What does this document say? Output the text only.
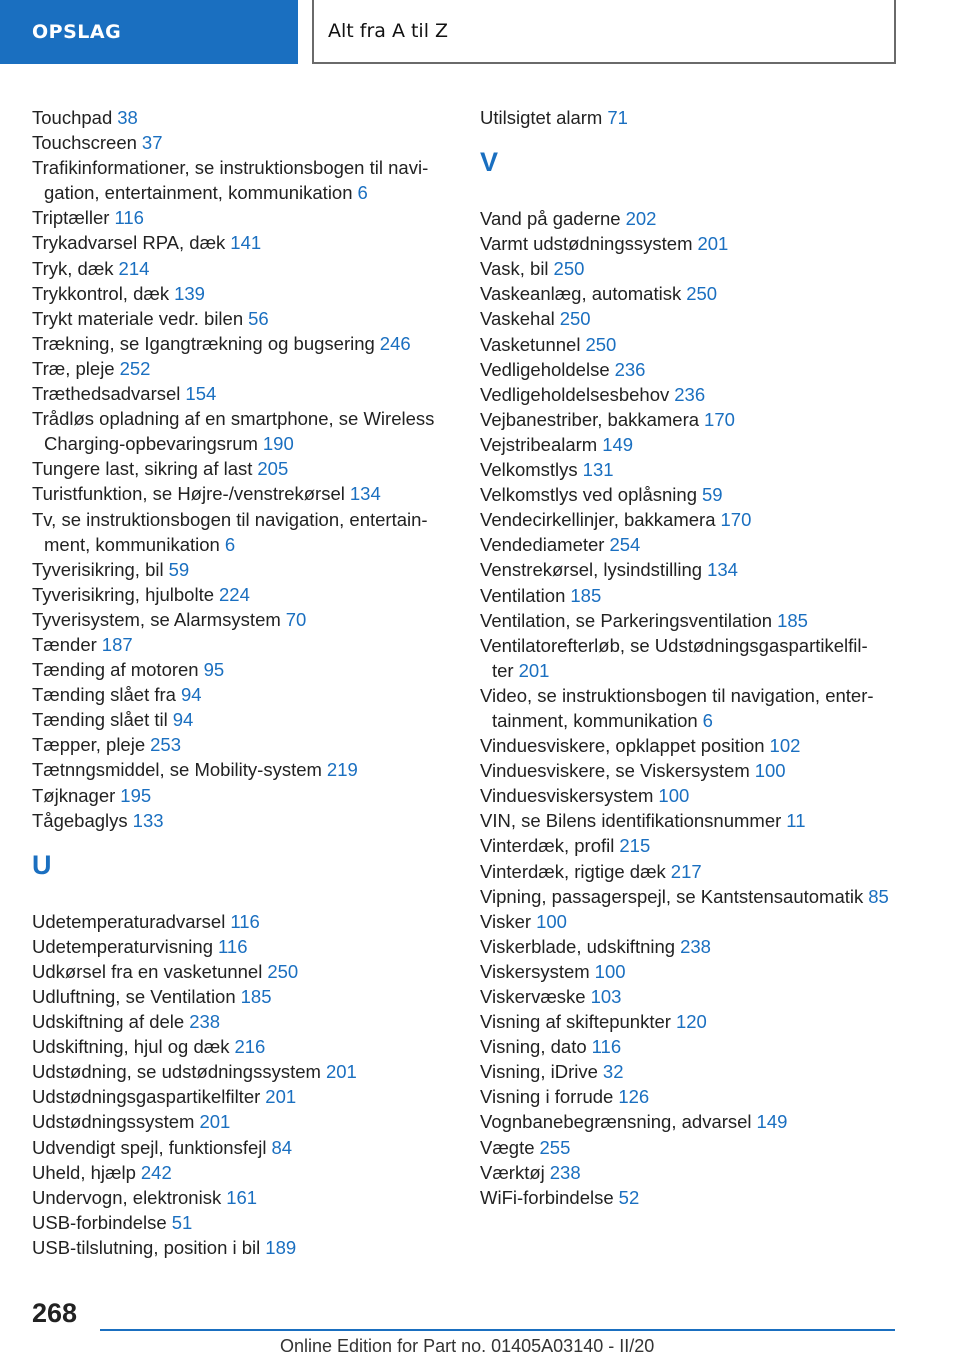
OPSLAG	Alt fra A til Z
Touchpad 38
Touchscreen 37
Trafikinformationer, se instruktionsbogen til navigation, entertainment, kommunikation 6
Triptæller 116
Trykadvarsel RPA, dæk 141
Tryk, dæk 214
Trykkontrol, dæk 139
Trykt materiale vedr. bilen 56
Trækning, se Igangtrækning og bugsering 246
Træ, pleje 252
Træthedsadvarsel 154
Trådløs opladning af en smartphone, se Wireless Charging-opbevaringsrum 190
Tungere last, sikring af last 205
Turistfunktion, se Højre-/venstrekørsel 134
Tv, se instruktionsbogen til navigation, entertainment, kommunikation 6
Tyverisikring, bil 59
Tyverisikring, hjulbolte 224
Tyverisystem, se Alarmsystem 70
Tænder 187
Tænding af motoren 95
Tænding slået fra 94
Tænding slået til 94
Tæpper, pleje 253
Tætnngsmiddel, se Mobility-system 219
Tøjknager 195
Tågebaglys 133
U
Udetemperaturadvarsel 116
Udetemperaturvisning 116
Udkørsel fra en vasketunnel 250
Udluftning, se Ventilation 185
Udskiftning af dele 238
Udskiftning, hjul og dæk 216
Udstødning, se udstødningssystem 201
Udstødningsgaspartikelfilter 201
Udstødningssystem 201
Udvendigt spejl, funktionsfejl 84
Uheld, hjælp 242
Undervogn, elektronisk 161
USB-forbindelse 51
USB-tilslutning, position i bil 189
Utilsigtet alarm 71
V
Vand på gaderne 202
Varmt udstødningssystem 201
Vask, bil 250
Vaskeanlæg, automatisk 250
Vaskehal 250
Vasketunnel 250
Vedligeholdelse 236
Vedligeholdelsesbehov 236
Vejbanestriber, bakkamera 170
Vejstribealarm 149
Velkomstlys 131
Velkomstlys ved oplåsning 59
Vendecirkellinjer, bakkamera 170
Vendediameter 254
Venstrekørsel, lysindstilling 134
Ventilation 185
Ventilation, se Parkeringsventilation 185
Ventilatorefterløb, se Udstødningsgaspartikelfilter 201
Video, se instruktionsbogen til navigation, entertainment, kommunikation 6
Vinduesviskere, opklappet position 102
Vinduesviskere, se Viskersystem 100
Vinduesviskersystem 100
VIN, se Bilens identifikationsnummer 11
Vinterdæk, profil 215
Vinterdæk, rigtige dæk 217
Vipning, passagerspejl, se Kantstensautomatik 85
Visker 100
Viskerblade, udskiftning 238
Viskersystem 100
Viskervæske 103
Visning af skiftepunkter 120
Visning, dato 116
Visning, iDrive 32
Visning i forrude 126
Vognbanebegrænsning, advarsel 149
Vægte 255
Værktøj 238
WiFi-forbindelse 52
268
Online Edition for Part no. 01405A03140 - II/20
